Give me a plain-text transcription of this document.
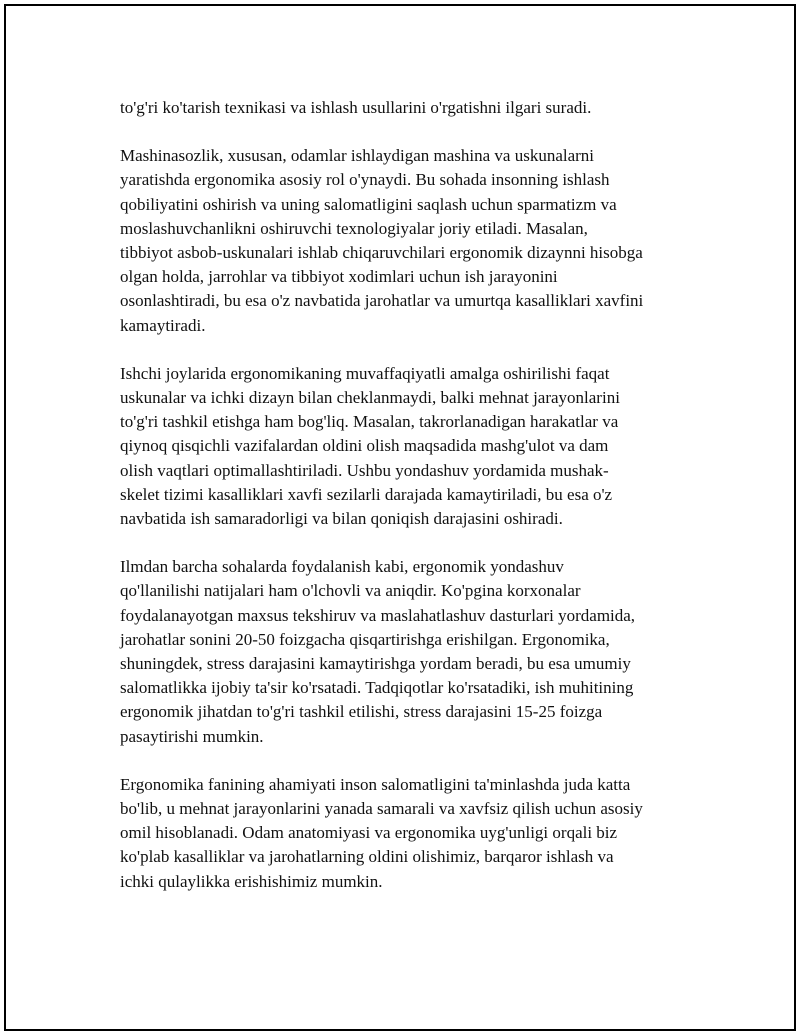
to'g'ri ko'tarish texnikasi va ishlash usullarini o'rgatishni ilgari suradi.

Mashinasozlik, xususan, odamlar ishlaydigan mashina va uskunalarni
yaratishda ergonomika asosiy rol o'ynaydi. Bu sohada insonning ishlash
qobiliyatini oshirish va uning salomatligini saqlash uchun sparmatizm va
moslashuvchanlikni oshiruvchi texnologiyalar joriy etiladi. Masalan,
tibbiyot asbob-uskunalari ishlab chiqaruvchilari ergonomik dizaynni hisobga
olgan holda, jarrohlar va tibbiyot xodimlari uchun ish jarayonini
osonlashtiradi, bu esa o'z navbatida jarohatlar va umurtqa kasalliklari xavfini
kamaytiradi.

Ishchi joylarida ergonomikaning muvaffaqiyatli amalga oshirilishi faqat
uskunalar va ichki dizayn bilan cheklanmaydi, balki mehnat jarayonlarini
to'g'ri tashkil etishga ham bog'liq. Masalan, takrorlanadigan harakatlar va
qiynoq qisqichli vazifalardan oldini olish maqsadida mashg'ulot va dam
olish vaqtlari optimallashtiriladi. Ushbu yondashuv yordamida mushak-
skelet tizimi kasalliklari xavfi sezilarli darajada kamaytiriladi, bu esa o'z
navbatida ish samaradorligi va bilan qoniqish darajasini oshiradi.

Ilmdan barcha sohalarda foydalanish kabi, ergonomik yondashuv
qo'llanilishi natijalari ham o'lchovli va aniqdir. Ko'pgina korxonalar
foydalanayotgan maxsus tekshiruv va maslahatlashuv dasturlari yordamida,
jarohatlar sonini 20-50 foizgacha qisqartirishga erishilgan. Ergonomika,
shuningdek, stress darajasini kamaytirishga yordam beradi, bu esa umumiy
salomatlikka ijobiy ta'sir ko'rsatadi. Tadqiqotlar ko'rsatadiki, ish muhitining
ergonomik jihatdan to'g'ri tashkil etilishi, stress darajasini 15-25 foizga
pasaytirishi mumkin.

Ergonomika fanining ahamiyati inson salomatligini ta'minlashda juda katta
bo'lib, u mehnat jarayonlarini yanada samarali va xavfsiz qilish uchun asosiy
omil hisoblanadi. Odam anatomiyasi va ergonomika uyg'unligi orqali biz
ko'plab kasalliklar va jarohatlarning oldini olishimiz, barqaror ishlash va
ichki qulaylikka erishishimiz mumkin.
